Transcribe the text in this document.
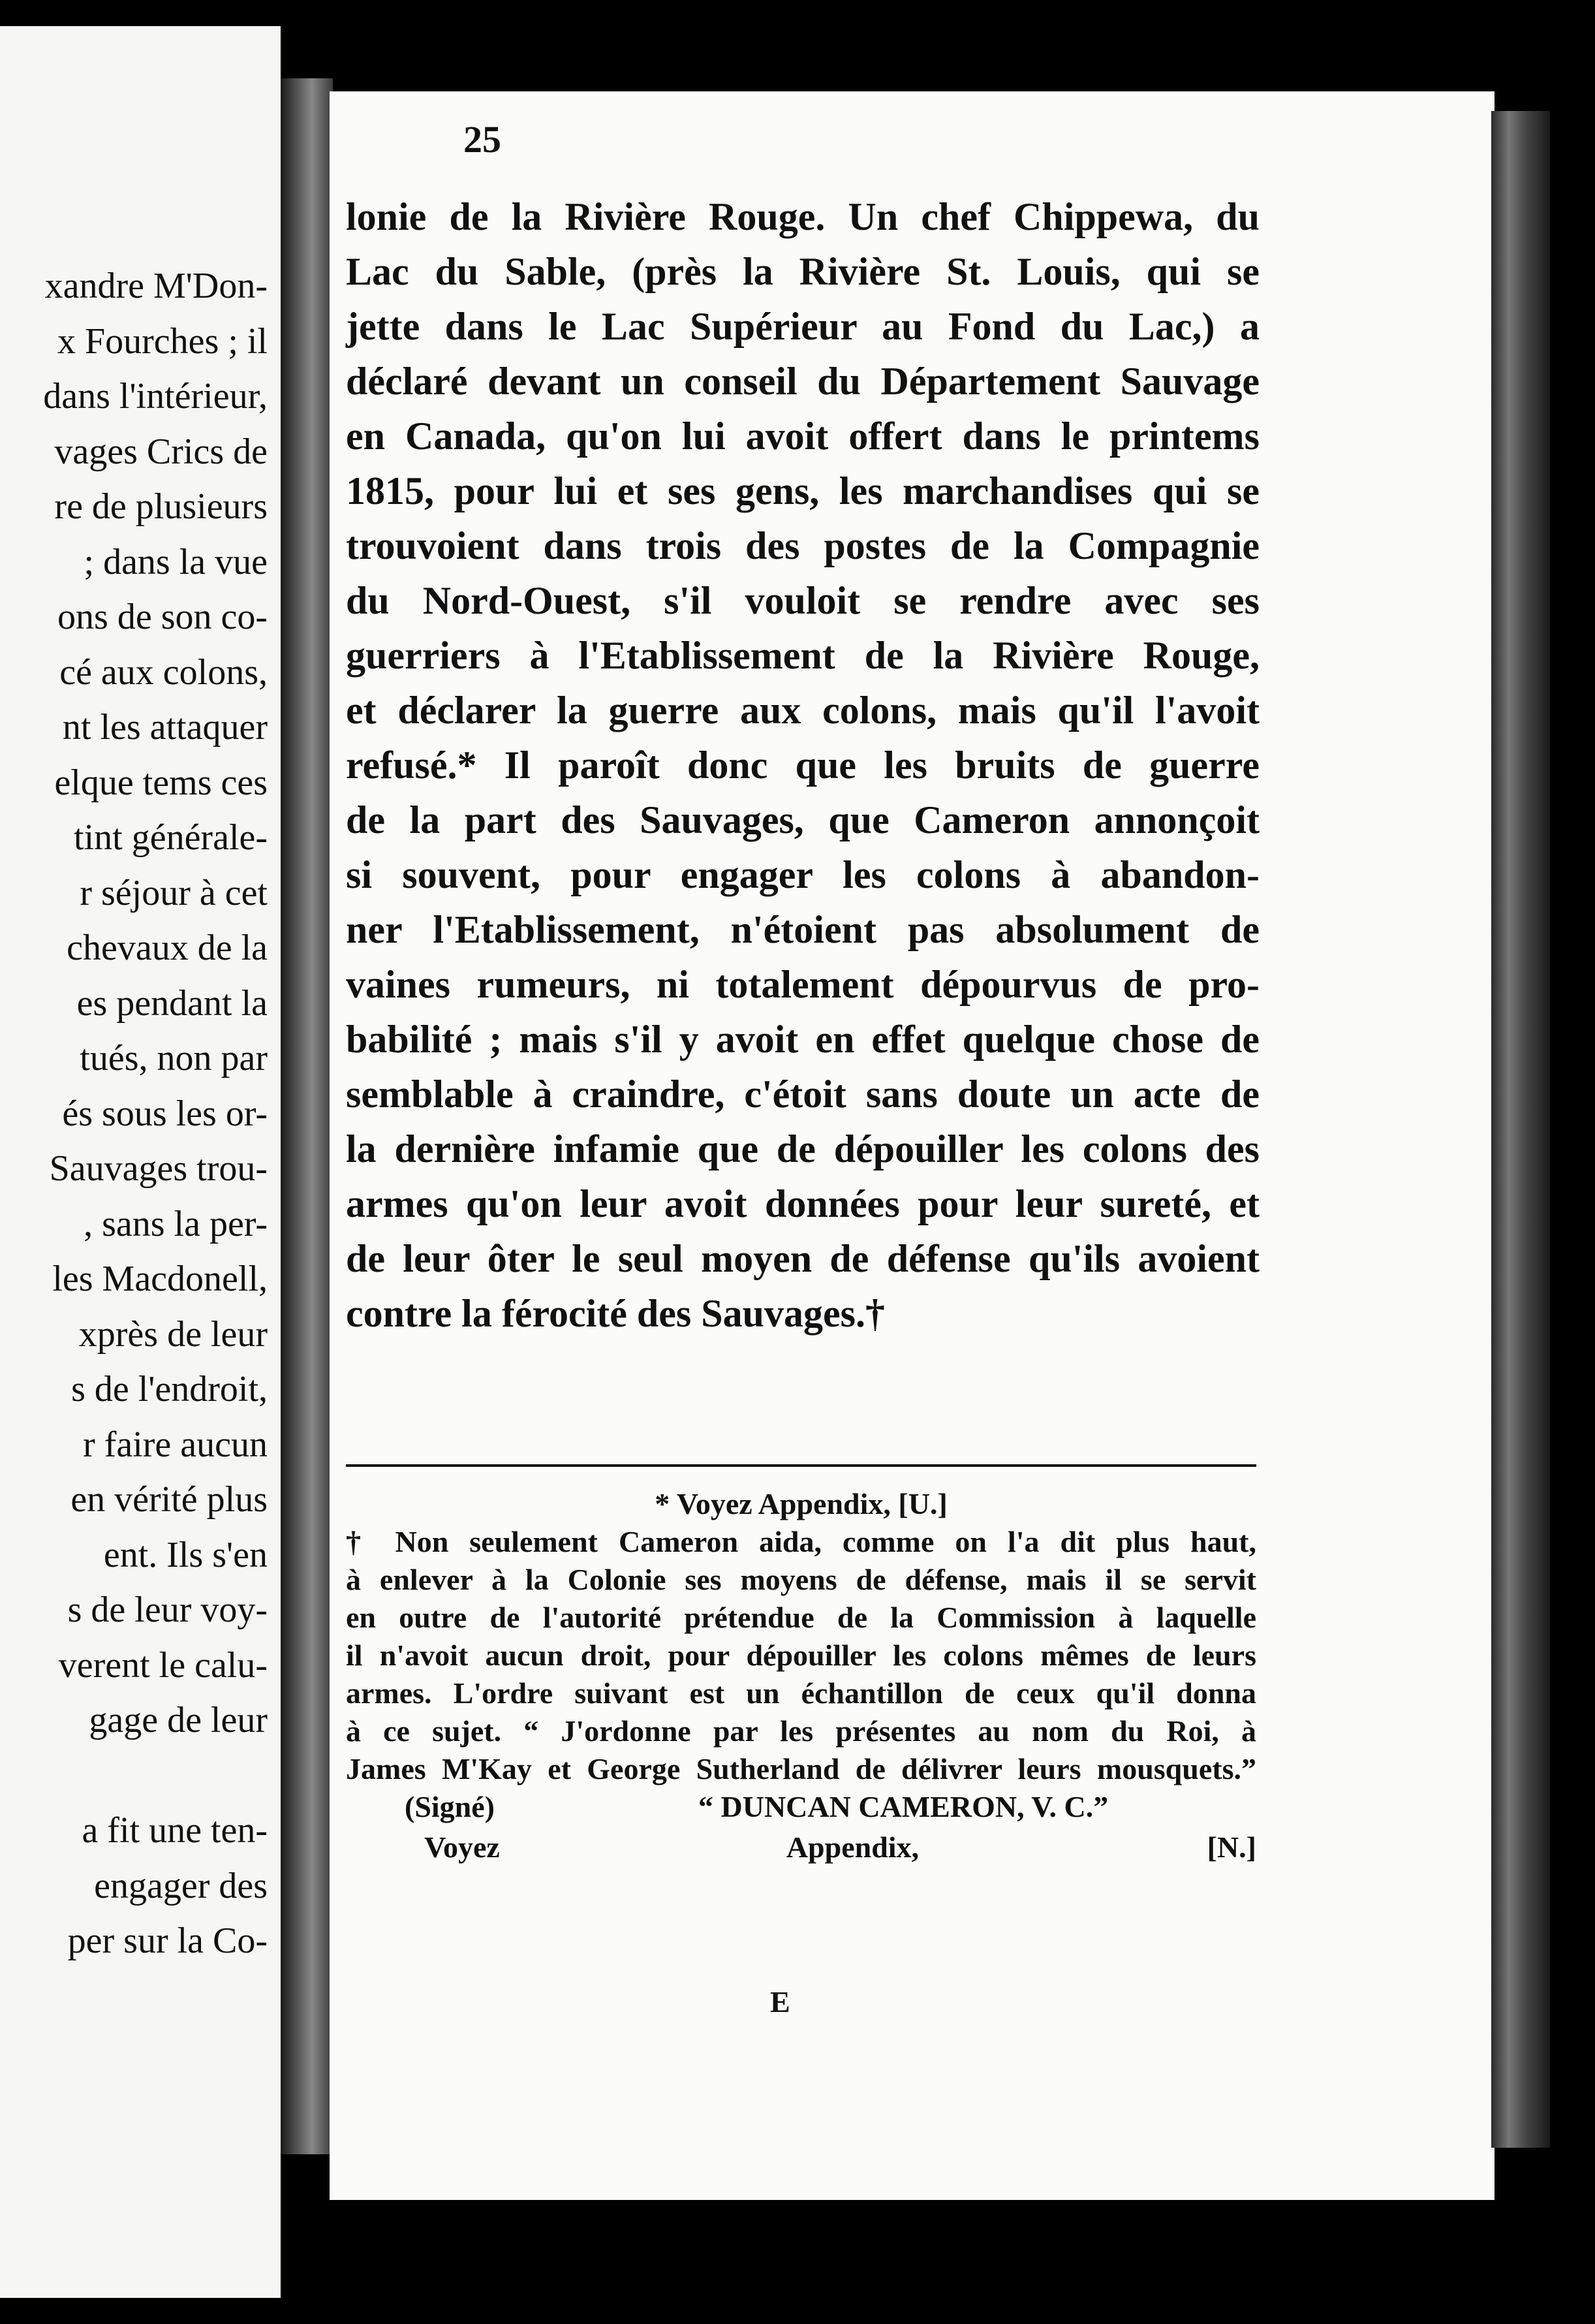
xandre M'Don-
x Fourches ; il
dans l'intérieur,
vages Crics de
re de plusieurs
; dans la vue
ons de son co-
cé aux colons,
nt les attaquer
elque tems ces
tint générale-
r séjour à cet
chevaux de la
es pendant la
tués, non par
és sous les or-
Sauvages trou-
, sans la per-
les Macdonell,
xprès de leur
s de l'endroit,
r faire aucun
en vérité plus
ent. Ils s'en
s de leur voy-
verent le calu-
gage de leur
a fit une ten-
engager des
per sur la Co-
25
lonie de la Rivière Rouge. Un chef Chippewa, du
Lac du Sable, (près la Rivière St. Louis, qui se
jette dans le Lac Supérieur au Fond du Lac,) a
déclaré devant un conseil du Département Sauvage
en Canada, qu'on lui avoit offert dans le printems
1815, pour lui et ses gens, les marchandises qui se
trouvoient dans trois des postes de la Compagnie
du Nord-Ouest, s'il vouloit se rendre avec ses
guerriers à l'Etablissement de la Rivière Rouge,
et déclarer la guerre aux colons, mais qu'il l'avoit
refusé.* Il paroît donc que les bruits de guerre
de la part des Sauvages, que Cameron annonçoit
si souvent, pour engager les colons à abandon-
ner l'Etablissement, n'étoient pas absolument de
vaines rumeurs, ni totalement dépourvus de pro-
babilité ; mais s'il y avoit en effet quelque chose de
semblable à craindre, c'étoit sans doute un acte de
la dernière infamie que de dépouiller les colons des
armes qu'on leur avoit données pour leur sureté, et
de leur ôter le seul moyen de défense qu'ils avoient
contre la férocité des Sauvages.†
* Voyez Appendix, [U.]
† Non seulement Cameron aida, comme on l'a dit plus haut,
à enlever à la Colonie ses moyens de défense, mais il se servit
en outre de l'autorité prétendue de la Commission à laquelle
il n'avoit aucun droit, pour dépouiller les colons mêmes de leurs
armes. L'ordre suivant est un échantillon de ceux qu'il donna
à ce sujet. “ J'ordonne par les présentes au nom du Roi, à
James M'Kay et George Sutherland de délivrer leurs mousquets.”
(Signé)	“ DUNCAN CAMERON, V. C.”
Voyez Appendix, [N.]
E
